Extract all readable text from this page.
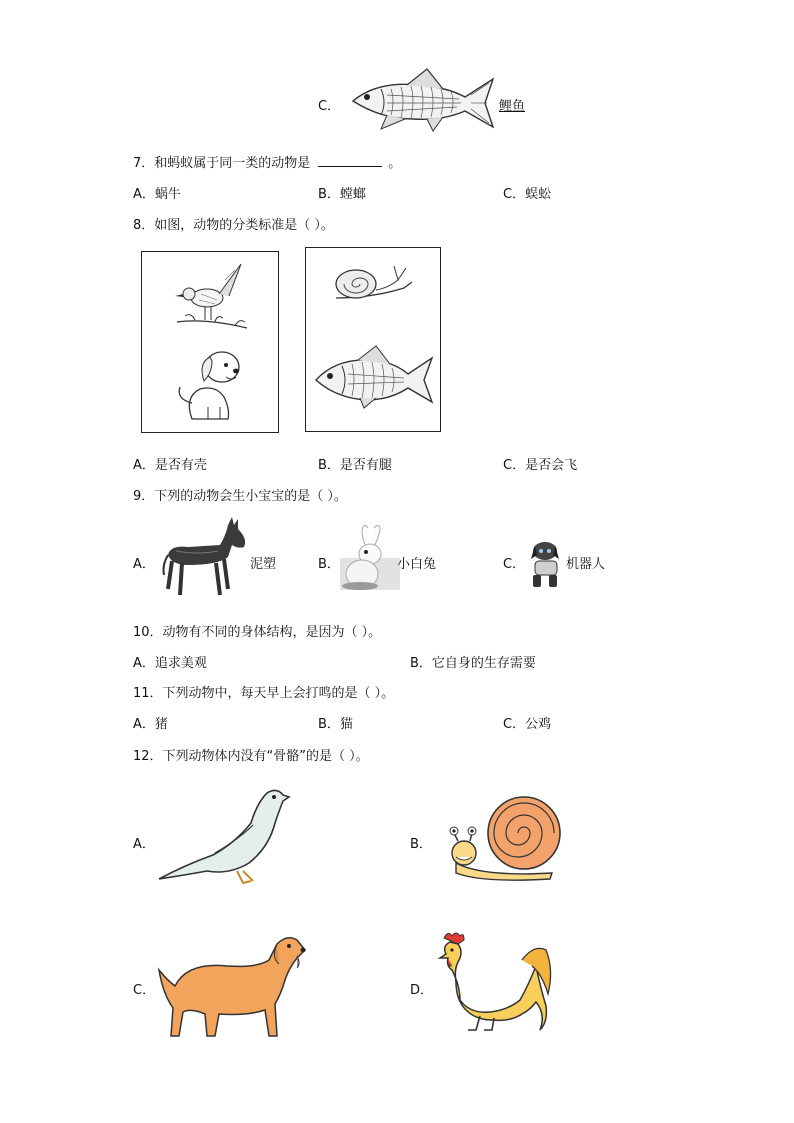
C．	鲤鱼
7．和蚂蚁属于同一类的动物是	。
A．蜗牛	B．螳螂	C．蜈蚣
8．如图，动物的分类标准是（ ）。
A．是否有壳	B．是否有腿	C．是否会飞
9．下列的动物会生小宝宝的是（ ）。
A．	泥塑	B．	小白兔	C．	机器人
10．动物有不同的身体结构，是因为（ ）。
A．追求美观	B．它自身的生存需要
11．下列动物中，每天早上会打鸣的是（ ）。
A．猪	B．猫	C．公鸡
12．下列动物体内没有“骨骼”的是（ ）。
A．	B．
C．	D．
